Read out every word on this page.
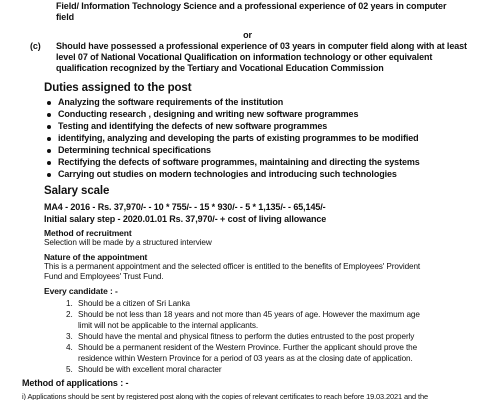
Field/ Information Technology Science and a professional experience of 02 years in computer
field
or
(c) Should have possessed a professional experience of 03 years in computer field along with at least
level 07 of National Vocational Qualification on information technology or other equivalent
qualification recognized by the Tertiary and Vocational Education Commission
Duties assigned to the post
Analyzing the software requirements of the institution
Conducting research , designing and writing new software programmes
Testing and identifying the defects of new software programmes
identifying, analyzing and developing the parts of existing programmes to be modified
Determining technical specifications
Rectifying the defects of software programmes, maintaining and directing the systems
Carrying out studies on modern technologies and introducing such technologies
Salary scale
MA4 - 2016 - Rs. 37,970/- - 10 * 755/- - 15 * 930/- - 5 * 1,135/- - 65,145/-
Initial salary step - 2020.01.01 Rs. 37,970/- + cost of living allowance
Method of recruitment
Selection will be made by a structured interview
Nature of the appointment
This is a permanent appointment and the selected officer is entitled to the benefits of Employees' Provident
Fund and Employees' Trust Fund.
Every candidate : -
1. Should be a citizen of Sri Lanka
2. Should be not less than 18 years and not more than 45 years of age. However the maximum age
limit will not be applicable to the internal applicants.
3. Should have the mental and physical fitness to perform the duties entrusted to the post properly
4. Should be a permanent resident of the Western Province. Further the applicant should prove the
residence within Western Province for a period of 03 years as at the closing date of application.
5. Should be with excellent moral character
Method of applications : -
i) Applications should be sent by registered post along with the copies of relevant certificates to reach before 19.03.2021 and the
